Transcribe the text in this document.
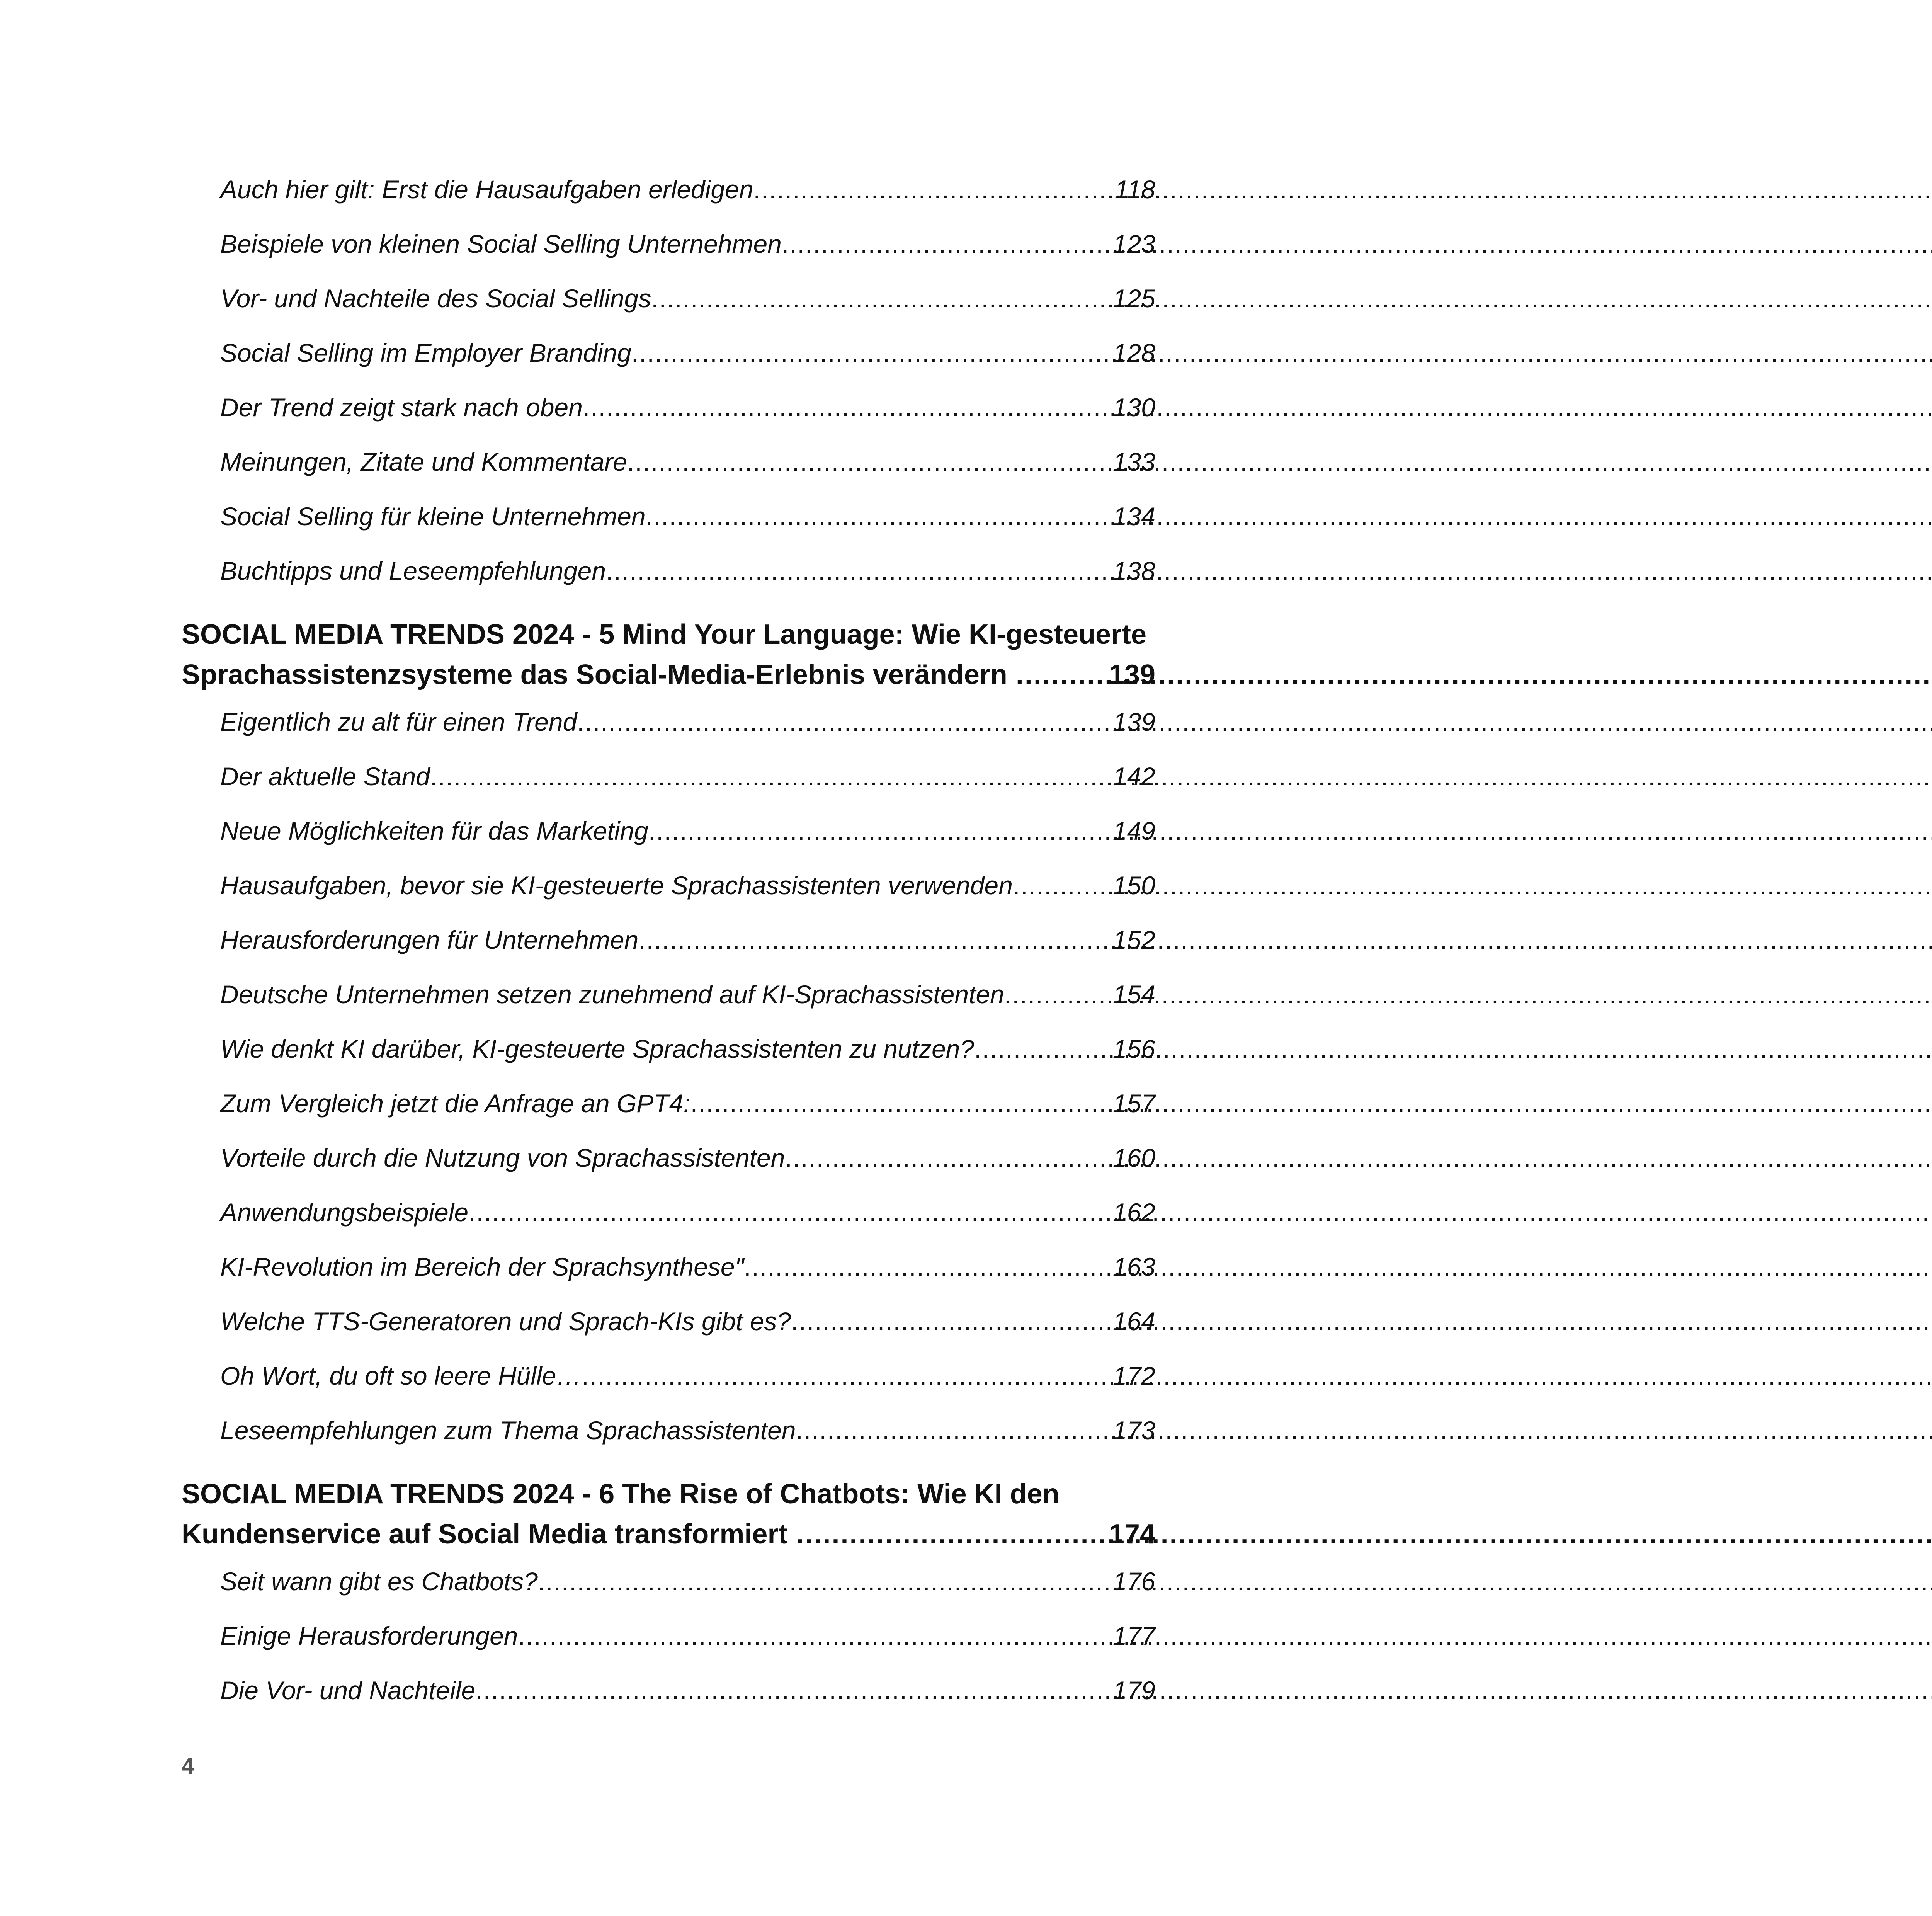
Auch hier gilt: Erst die Hausaufgaben erledigen .....	118
Beispiele von kleinen Social Selling Unternehmen .....	123
Vor- und Nachteile des Social Sellings .....	125
Social Selling im Employer Branding .....	128
Der Trend zeigt stark nach oben .....	130
Meinungen, Zitate und Kommentare .....	133
Social Selling für kleine Unternehmen .....	134
Buchtipps und Leseempfehlungen .....	138
SOCIAL MEDIA TRENDS 2024 - 5 Mind Your Language: Wie KI-gesteuerte
Sprachassistenzsysteme das Social-Media-Erlebnis verändern .....	139
Eigentlich zu alt für einen Trend .....	139
Der aktuelle Stand .....	142
Neue Möglichkeiten für das Marketing .....	149
Hausaufgaben, bevor sie KI-gesteuerte Sprachassistenten verwenden .....	150
Herausforderungen für Unternehmen .....	152
Deutsche Unternehmen setzen zunehmend auf KI-Sprachassistenten .....	154
Wie denkt KI darüber, KI-gesteuerte Sprachassistenten zu nutzen? .....	156
Zum Vergleich jetzt die Anfrage an GPT4: .....	157
Vorteile durch die Nutzung von Sprachassistenten .....	160
Anwendungsbeispiele .....	162
KI-Revolution im Bereich der Sprachsynthese" .....	163
Welche TTS-Generatoren und Sprach-KIs gibt es? .....	164
Oh Wort, du oft so leere Hülle… .....	172
Leseempfehlungen zum Thema Sprachassistenten .....	173
SOCIAL MEDIA TRENDS 2024 - 6 The Rise of Chatbots: Wie KI den
Kundenservice auf Social Media transformiert .....	174
Seit wann gibt es Chatbots? .....	176
Einige Herausforderungen .....	177
Die Vor- und Nachteile .....	179
4
